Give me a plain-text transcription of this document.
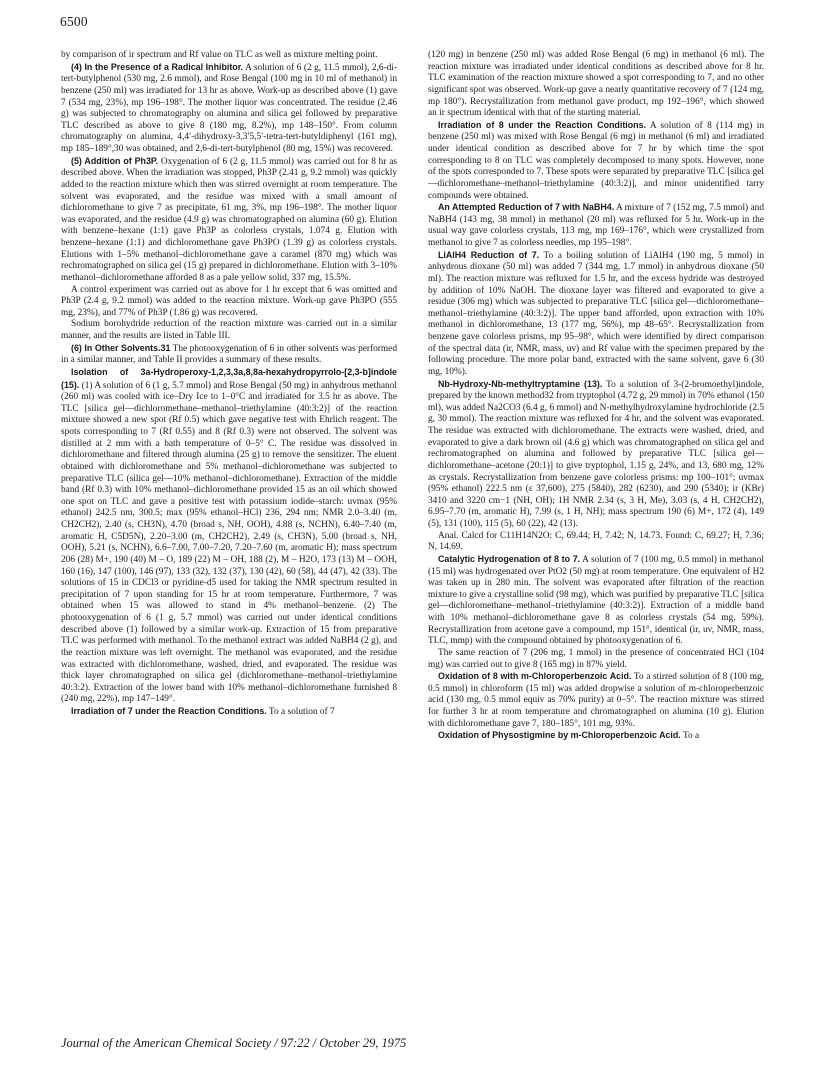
6500

by comparison of ir spectrum and Rf value on TLC as well as mixture melting point.

(4) In the Presence of a Radical Inhibitor. A solution of 6 (2 g, 11.5 mmol), 2,6-di-tert-butylphenol (530 mg, 2.6 mmol), and Rose Bengal (100 mg in 10 ml of methanol) in benzene (250 ml) was irradiated for 13 hr as above. Work-up as described above (1) gave 7 (534 mg, 23%), mp 196–198°. The mother liquor was concentrated. The residue (2.46 g) was subjected to chromatography on alumina and silica gel followed by preparative TLC described as above to give 8 (180 mg, 8.2%), mp 148–150°. From column chromatography on alumina, 4,4′-dihydroxy-3,3′5,5′-tetra-tert-butyldiphenyl (161 mg), mp 185–189°,30 was obtained, and 2,6-di-tert-butylphenol (80 mg, 15%) was recovered.

(5) Addition of Ph3P. Oxygenation of 6 (2 g, 11.5 mmol) was carried out for 8 hr as described above. When the irradiation was stopped, Ph3P (2.41 g, 9.2 mmol) was quickly added to the reaction mixture which then was stirred overnight at room temperature. The solvent was evaporated, and the residue was mixed with a small amount of dichloromethane to give 7 as precipitate, 61 mg, 3%, mp 196–198°. The mother liquor was evaporated, and the residue (4.9 g) was chromatographed on alumina (60 g). Elution with benzene–hexane (1:1) gave Ph3P as colorless crystals, 1.074 g. Elution with benzene–hexane (1:1) and dichloromethane gave Ph3PO (1.39 g) as colorless crystals. Elutions with 1–5% methanol–dichloromethane gave a caramel (870 mg) which was rechromatographed on silica gel (15 g) prepared in dichloromethane. Elution with 3–10% methanol–dichloromethane afforded 8 as a pale yellow solid, 337 mg, 15.5%.

A control experiment was carried out as above for 1 hr except that 6 was omitted and Ph3P (2.4 g, 9.2 mmol) was added to the reaction mixture. Work-up gave Ph3PO (555 mg, 23%), and 77% of Ph3P (1.86 g) was recovered.

Sodium borohydride reduction of the reaction mixture was carried out in a similar manner, and the results are listed in Table III.

(6) In Other Solvents.31 The photooxygenation of 6 in other solvents was performed in a similar manner, and Table II provides a summary of these results.

Isolation of 3a-Hydroperoxy-1,2,3,3a,8,8a-hexahydropyrrolo-[2,3-b]indole (15). (1) A solution of 6 (1 g, 5.7 mmol) and Rose Bengal (50 mg) in anhydrous methanol (260 ml) was cooled with ice–Dry Ice to 1–0°C and irradiated for 3.5 hr as above. The TLC [silica gel—dichloromethane–methanol–triethylamine (40:3:2)] of the reaction mixture showed a new spot (Rf 0.5) which gave negative test with Ehrlich reagent. The spots corresponding to 7 (Rf 0.55) and 8 (Rf 0.3) were not observed. The solvent was distilled at 2 mm with a bath temperature of 0–5° C. The residue was dissolved in dichloromethane and filtered through alumina (25 g) to remove the sensitizer. The eluent obtained with dichloromethane and 5% methanol–dichloromethane was subjected to preparative TLC (silica gel—10% methanol–dichloromethane). Extraction of the middle band (Rf 0.3) with 10% methanol–dichloromethane provided 15 as an oil which showed one spot on TLC and gave a positive test with potassium iodide–starch: uvmax (95% ethanol) 242.5 nm, 300.5; max (95% ethanol–HCl) 236, 294 nm; NMR 2.0–3.40 (m, CH2CH2), 2.40 (s, CH3N), 4.70 (broad s, NH, OOH), 4.88 (s, NCHN), 6.40–7.40 (m, aromatic H, C5D5N), 2.20–3.00 (m, CH2CH2), 2.49 (s, CH3N), 5.00 (broad s, NH, OOH), 5.21 (s, NCHN), 6.6–7.00, 7.00–7.20, 7.20–7.60 (m, aromatic H); mass spectrum 206 (28) M+, 190 (40) M – O, 189 (22) M – OH, 188 (2), M – H2O, 173 (13) M – OOH, 160 (16), 147 (100), 146 (97), 133 (32), 132 (37), 130 (42), 60 (58), 44 (47), 42 (33). The solutions of 15 in CDCl3 or pyridine-d5 used for taking the NMR spectrum resulted in precipitation of 7 upon standing for 15 hr at room temperature. Furthermore, 7 was obtained when 15 was allowed to stand in 4% methanol–benzene. (2) The photooxygenation of 6 (1 g, 5.7 mmol) was carried out under identical conditions described above (1) followed by a similar work-up. Extraction of 15 from preparative TLC was performed with methanol. To the methanol extract was added NaBH4 (2 g), and the reaction mixture was left overnight. The methanol was evaporated, and the residue was extracted with dichloromethane, washed, dried, and evaporated. The residue was thick layer chromatographed on silica gel (dichloromethane–methanol–triethylamine 40:3:2). Extraction of the lower band with 10% methanol–dichloromethane furnished 8 (240 mg, 22%), mp 147–149°.

Irradiation of 7 under the Reaction Conditions. To a solution of 7

(120 mg) in benzene (250 ml) was added Rose Bengal (6 mg) in methanol (6 ml). The reaction mixture was irradiated under identical conditions as described above for 8 hr. TLC examination of the reaction mixture showed a spot corresponding to 7, and no other significant spot was observed. Work-up gave a nearly quantitative recovery of 7 (124 mg, mp 180°). Recrystallization from methanol gave product, mp 192–196°, which showed an ir spectrum identical with that of the starting material.

Irradiation of 8 under the Reaction Conditions. A solution of 8 (114 mg) in benzene (250 ml) was mixed with Rose Bengal (6 mg) in methanol (6 ml) and irradiated under identical condition as described above for 7 hr by which time the spot corresponding to 8 on TLC was completely decomposed to many spots. However, none of the spots corresponded to 7. These spots were separated by preparative TLC [silica gel—dichloromethane–methanol–triethylamine (40:3:2)], and minor unidentified tarry compounds were obtained.

An Attempted Reduction of 7 with NaBH4. A mixture of 7 (152 mg, 7.5 mmol) and NaBH4 (143 mg, 38 mmol) in methanol (20 ml) was refluxed for 5 hr. Work-up in the usual way gave colorless crystals, 113 mg, mp 169–176°, which were crystallized from methanol to give 7 as colorless needles, mp 195–198°.

LiAlH4 Reduction of 7. To a boiling solution of LiAlH4 (190 mg, 5 mmol) in anhydrous dioxane (50 ml) was added 7 (344 mg, 1.7 mmol) in anhydrous dioxane (50 ml). The reaction mixture was refluxed for 1.5 hr, and the excess hydride was destroyed by addition of 10% NaOH. The dioxane layer was filtered and evaporated to give a residue (306 mg) which was subjected to preparative TLC [silica gel—dichloromethane–methanol–triethylamine (40:3:2)]. The upper band afforded, upon extraction with 10% methanol in dichloromethane, 13 (177 mg, 56%), mp 48–65°. Recrystallization from benzene gave colorless prisms, mp 95–98°, which were identified by direct comparison of the spectral data (ir, NMR, mass, uv) and Rf value with the specimen prepared by the following procedure. The more polar band, extracted with the same solvent, gave 6 (30 mg, 10%).

Nb-Hydroxy-Nb-methyltryptamine (13). To a solution of 3-(2-bromoethyl)indole, prepared by the known method32 from tryptophol (4.72 g, 29 mmol) in 70% ethanol (150 ml), was added Na2CO3 (6.4 g, 6 mmol) and N-methylhydroxylamine hydrochloride (2.5 g, 30 mmol). The reaction mixture was refluxed for 4 hr, and the solvent was evaporated. The residue was extracted with dichloromethane. The extracts were washed, dried, and evaporated to give a dark brown oil (4.6 g) which was chromatographed on silica gel and rechromatographed on alumina and followed by preparative TLC [silica gel—dichloromethane–acetone (20:1)] to give tryptophol, 1.15 g, 24%, and 13, 680 mg, 12% as crystals. Recrystallization from benzene gave colorless prisms: mp 100–101°; uvmax (95% ethanol) 222.5 nm (ε 37,600), 275 (5840), 282 (6230), and 290 (5340); ir (KBr) 3410 and 3220 cm−1 (NH, OH); 1H NMR 2.34 (s, 3 H, Me), 3.03 (s, 4 H, CH2CH2), 6.95–7.70 (m, aromatic H), 7.99 (s, 1 H, NH); mass spectrum 190 (6) M+, 172 (4), 149 (5), 131 (100), 115 (5), 60 (22), 42 (13).

Anal. Calcd for C11H14N2O: C, 69.44; H, 7.42; N, 14.73. Found: C, 69.27; H, 7.36; N, 14.69.

Catalytic Hydrogenation of 8 to 7. A solution of 7 (100 mg, 0.5 mmol) in methanol (15 ml) was hydrogenated over PtO2 (50 mg) at room temperature. One equivalent of H2 was taken up in 280 min. The solvent was evaporated after filtration of the reaction mixture to give a crystalline solid (98 mg), which was purified by preparative TLC [silica gel—dichloromethane–methanol–triethylamine (40:3:2)]. Extraction of a middle band with 10% methanol–dichloromethane gave 8 as colorless crystals (54 mg, 59%). Recrystallization from acetone gave a compound, mp 151°, identical (ir, uv, NMR, mass, TLC, mmp) with the compound obtained by photooxygenation of 6.

The same reaction of 7 (206 mg, 1 mmol) in the presence of concentrated HCl (104 mg) was carried out to give 8 (165 mg) in 87% yield.

Oxidation of 8 with m-Chloroperbenzoic Acid. To a stirred solution of 8 (100 mg, 0.5 mmol) in chloroform (15 ml) was added dropwise a solution of m-chloroperbenzoic acid (130 mg, 0.5 mmol equiv as 70% purity) at 0–5°. The reaction mixture was stirred for further 3 hr at room temperature and chromatographed on alumina (10 g). Elution with dichloromethane gave 7, 180–185°, 101 mg, 93%.

Oxidation of Physostigmine by m-Chloroperbenzoic Acid. To a

Journal of the American Chemical Society / 97:22 / October 29, 1975
